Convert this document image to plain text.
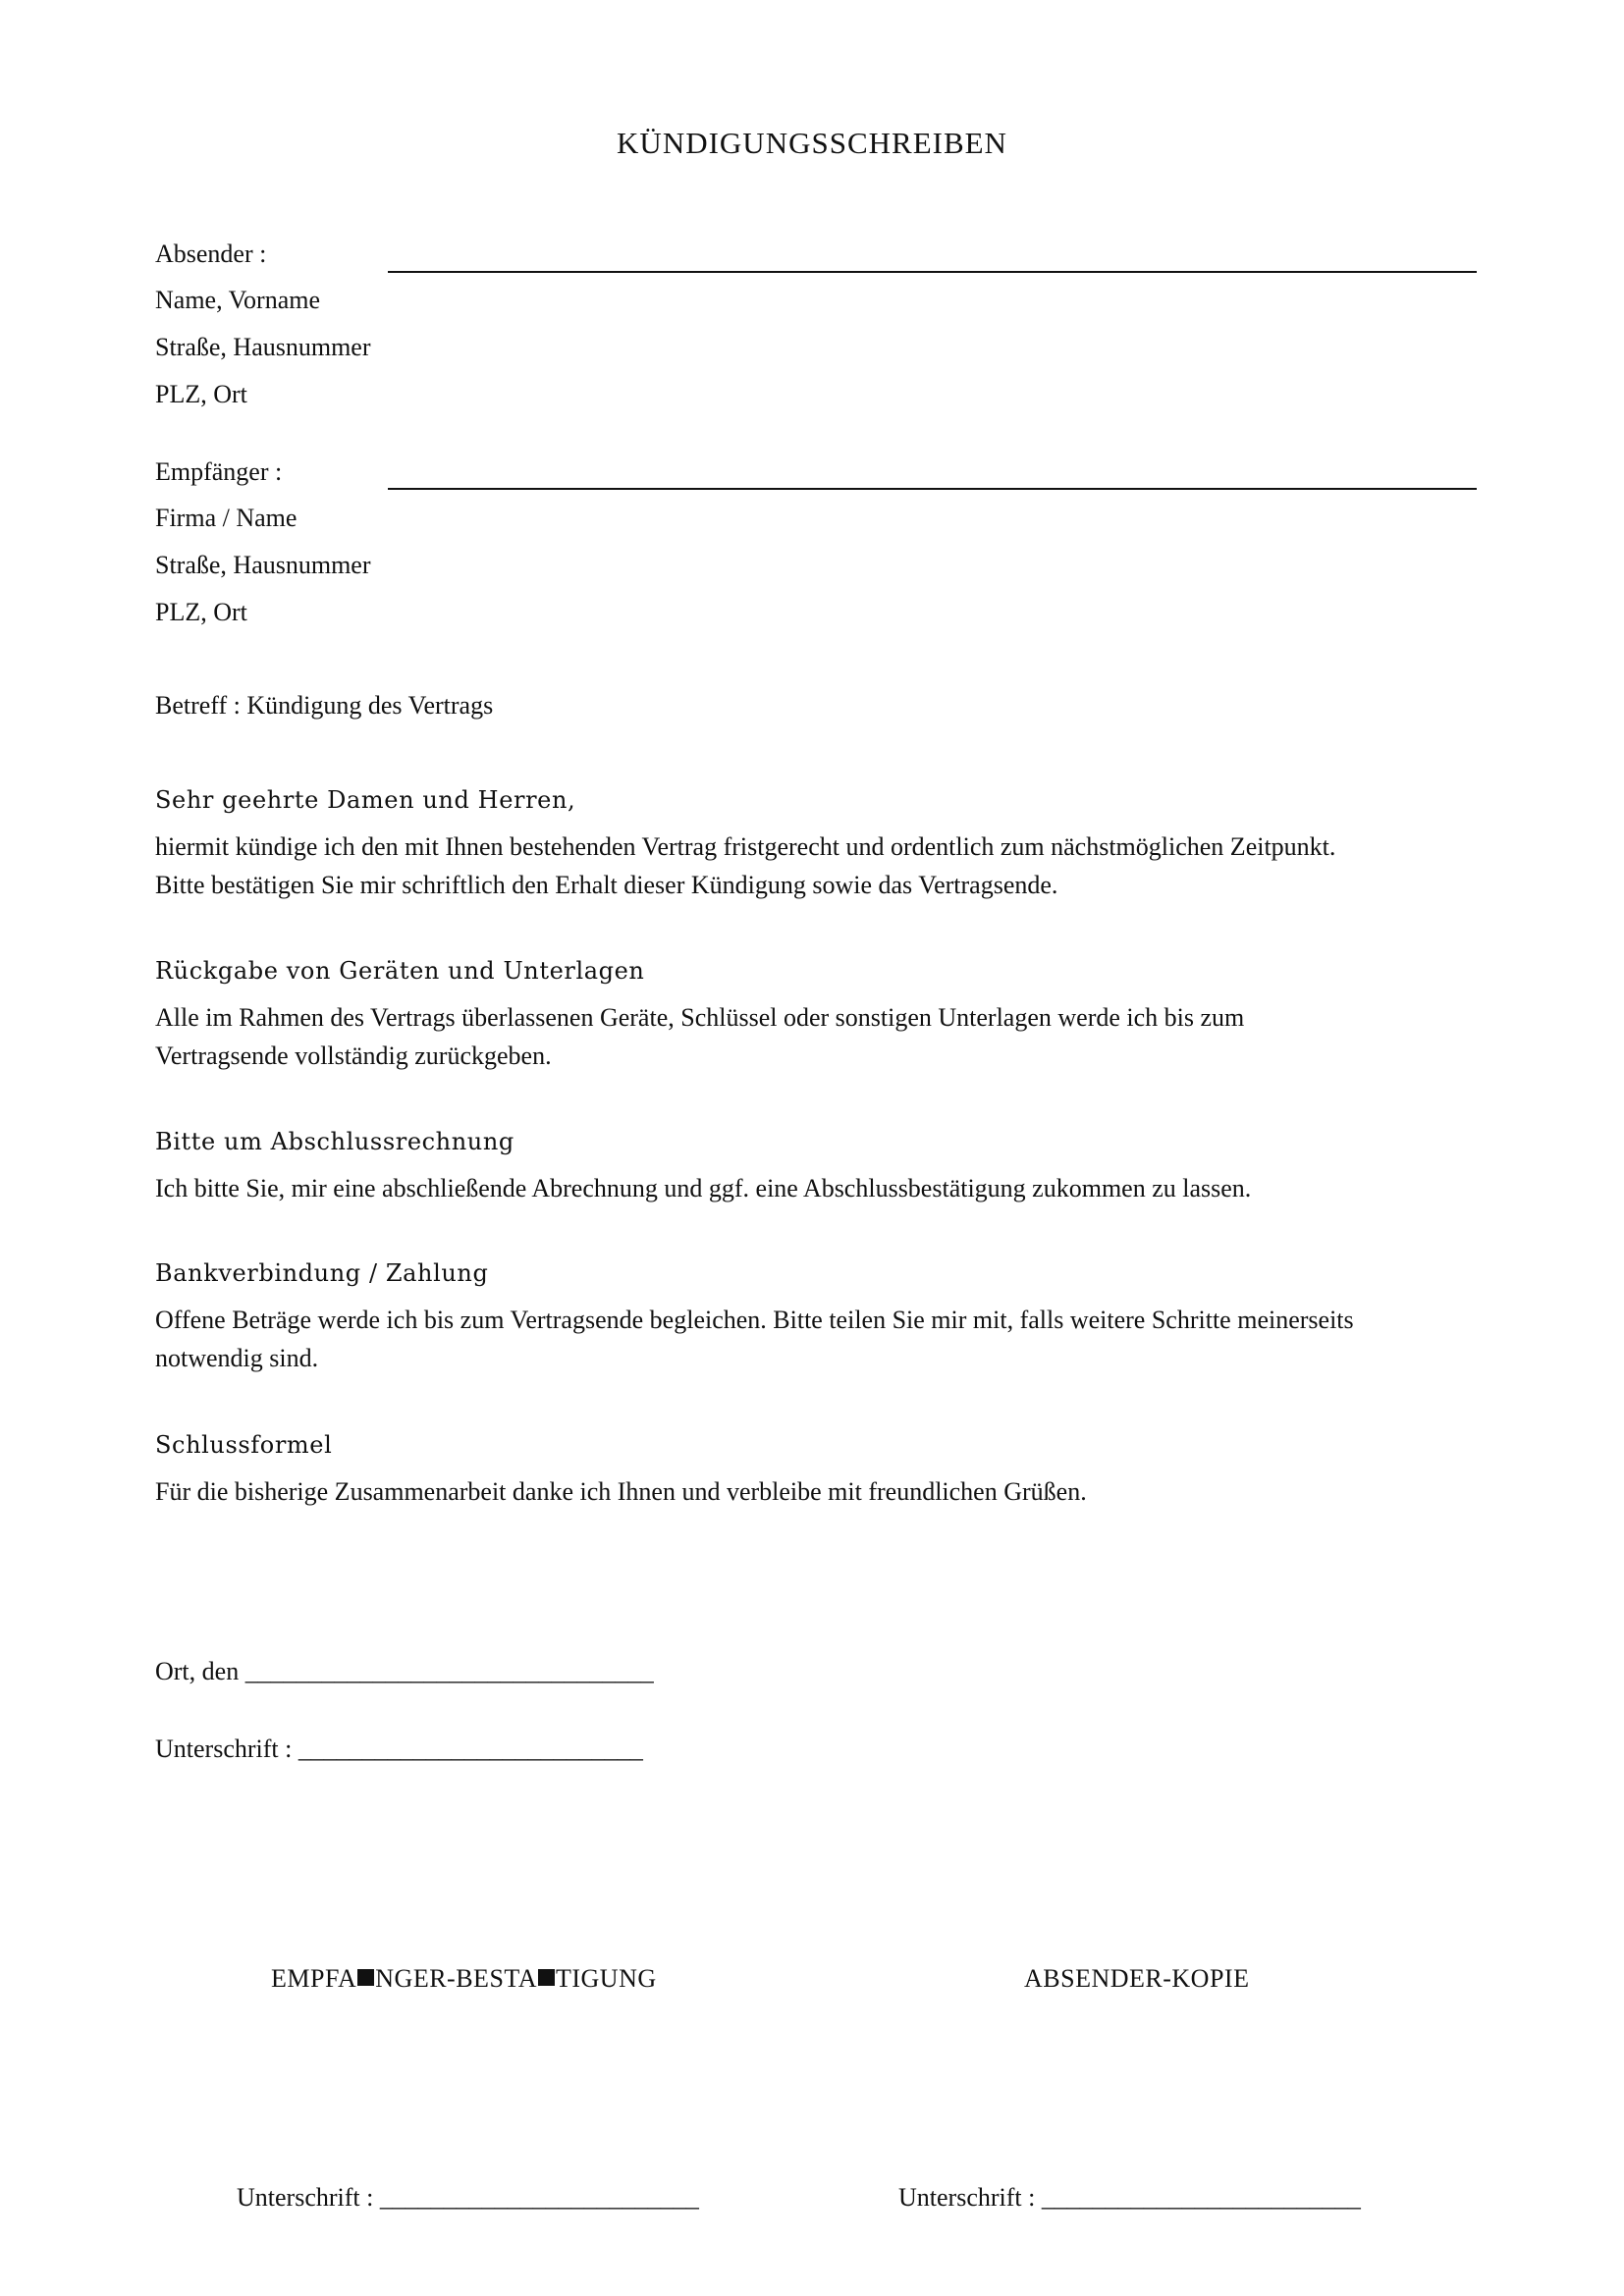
KÜNDIGUNGSSCHREIBEN
Absender :
Name, Vorname
Straße, Hausnummer
PLZ, Ort
Empfänger :
Firma / Name
Straße, Hausnummer
PLZ, Ort
Betreff : Kündigung des Vertrags
Sehr geehrte Damen und Herren,
hiermit kündige ich den mit Ihnen bestehenden Vertrag fristgerecht und ordentlich zum nächstmöglichen Zeitpunkt.
Bitte bestätigen Sie mir schriftlich den Erhalt dieser Kündigung sowie das Vertragsende.
Rückgabe von Geräten und Unterlagen
Alle im Rahmen des Vertrags überlassenen Geräte, Schlüssel oder sonstigen Unterlagen werde ich bis zum
Vertragsende vollständig zurückgeben.
Bitte um Abschlussrechnung
Ich bitte Sie, mir eine abschließende Abrechnung und ggf. eine Abschlussbestätigung zukommen zu lassen.
Bankverbindung / Zahlung
Offene Beträge werde ich bis zum Vertragsende begleichen. Bitte teilen Sie mir mit, falls weitere Schritte meinerseits
notwendig sind.
Schlussformel
Für die bisherige Zusammenarbeit danke ich Ihnen und verbleibe mit freundlichen Grüßen.
Ort, den ________________________________
Unterschrift : ___________________________
EMPFA NGER-BESTA TIGUNG	ABSENDER-KOPIE
Unterschrift : _________________________	Unterschrift : _________________________
